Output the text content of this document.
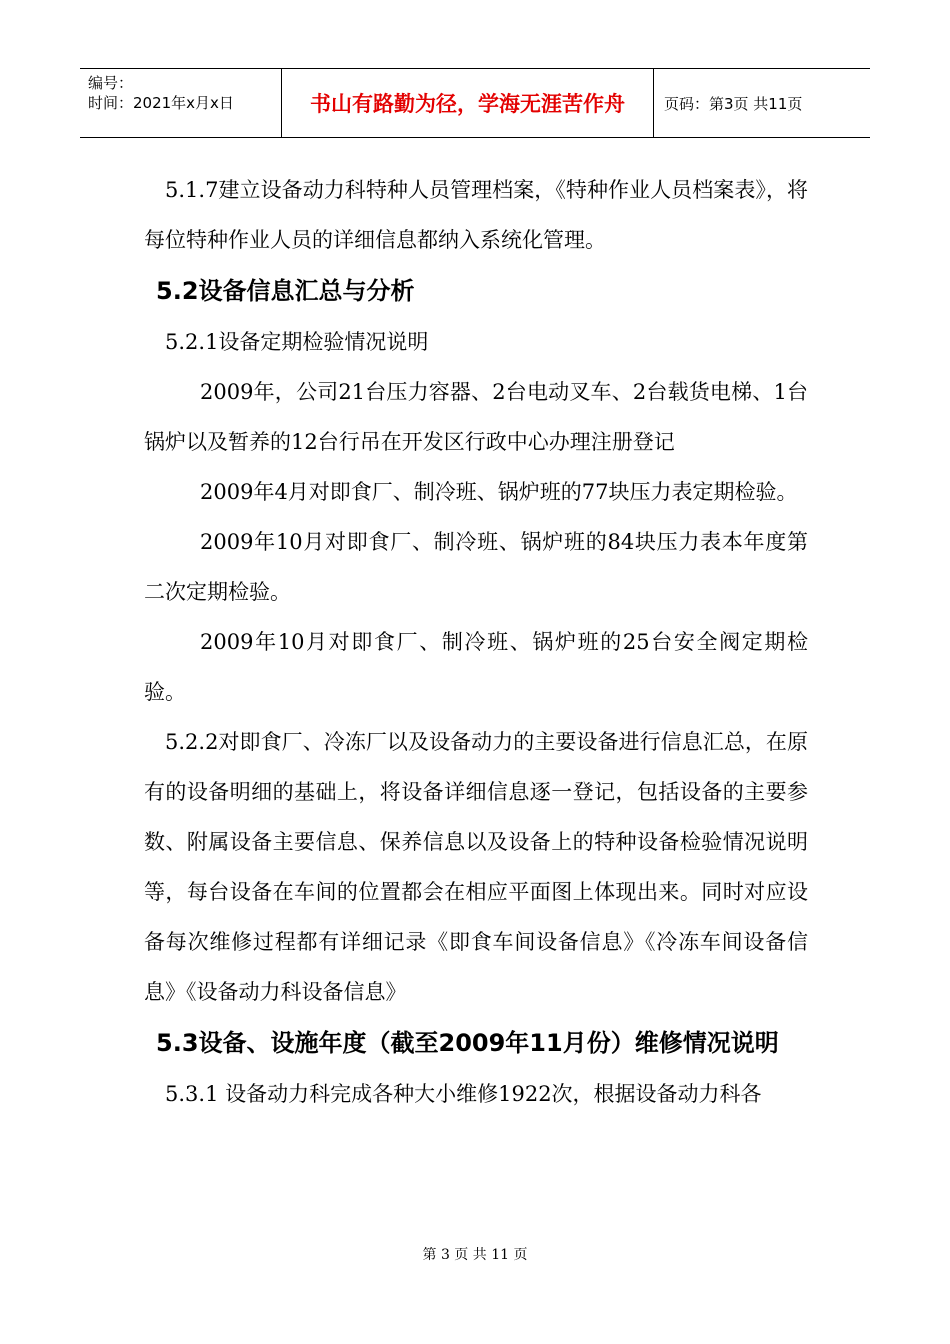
编号：
时间：2021年x月x日	书山有路勤为径，学海无涯苦作舟	页码：第3页 共11页

5.1.7建立设备动力科特种人员管理档案，《特种作业人员档案表》，将每位特种作业人员的详细信息都纳入系统化管理。

5.2设备信息汇总与分析

5.2.1设备定期检验情况说明

2009年，公司21台压力容器、2台电动叉车、2台载货电梯、1台锅炉以及暂养的12台行吊在开发区行政中心办理注册登记

2009年4月对即食厂、制冷班、锅炉班的77块压力表定期检验。

2009年10月对即食厂、制冷班、锅炉班的84块压力表本年度第二次定期检验。

2009年10月对即食厂、制冷班、锅炉班的25台安全阀定期检验。

5.2.2对即食厂、冷冻厂以及设备动力的主要设备进行信息汇总，在原有的设备明细的基础上，将设备详细信息逐一登记，包括设备的主要参数、附属设备主要信息、保养信息以及设备上的特种设备检验情况说明等，每台设备在车间的位置都会在相应平面图上体现出来。同时对应设备每次维修过程都有详细记录《即食车间设备信息》《冷冻车间设备信息》《设备动力科设备信息》

5.3设备、设施年度（截至2009年11月份）维修情况说明

5.3.1 设备动力科完成各种大小维修1922次，根据设备动力科各

第 3 页 共 11 页
